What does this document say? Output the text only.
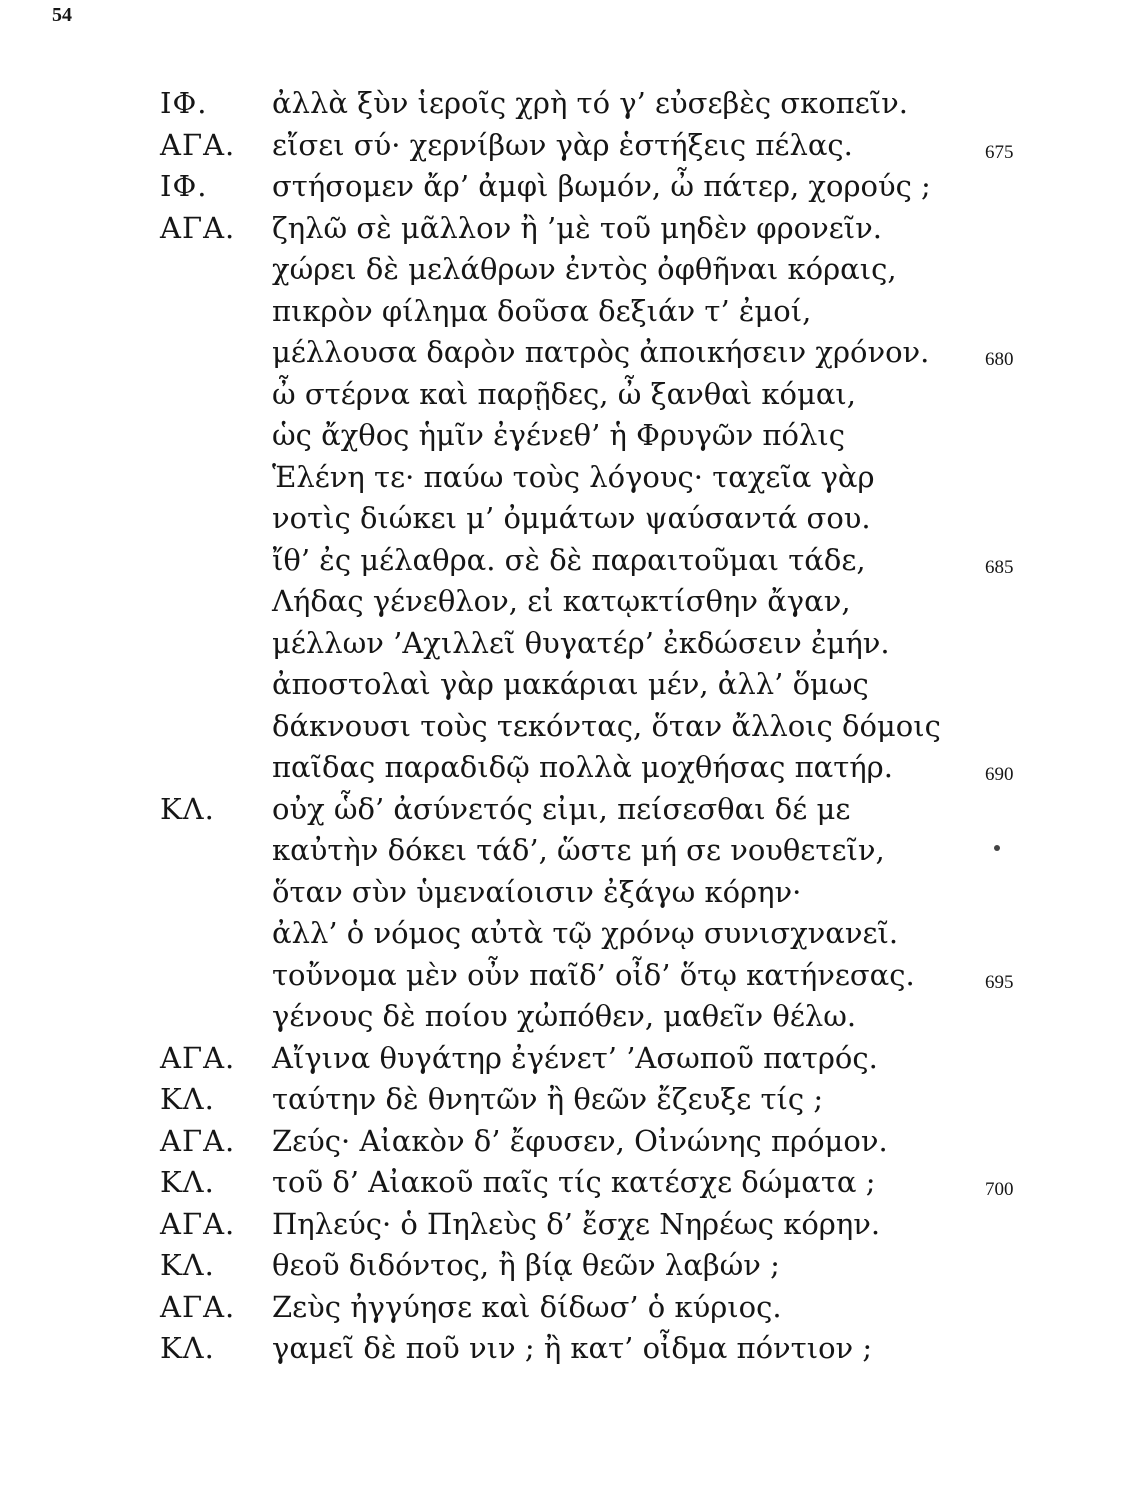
54
ΙΦ. ἀλλὰ ξὺν ἱεροῖς χρὴ τό γ’ εὐσεβὲς σκοπεῖν.
ΑΓΑ. εἴσει σύ· χερνίβων γὰρ ἑστήξεις πέλας.	675
ΙΦ. στήσομεν ἄρ’ ἀμφὶ βωμόν, ὦ πάτερ, χορούς ;
ΑΓΑ. ζηλῶ σὲ μᾶλλον ἢ ’μὲ τοῦ μηδὲν φρονεῖν.
χώρει δὲ μελάθρων ἐντὸς ὀφθῆναι κόραις,
πικρὸν φίλημα δοῦσα δεξιάν τ’ ἐμοί,
μέλλουσα δαρὸν πατρὸς ἀποικήσειν χρόνον.	680
ὦ στέρνα καὶ παρῇδες, ὦ ξανθαὶ κόμαι,
ὡς ἄχθος ἡμῖν ἐγένεθ’ ἡ Φρυγῶν πόλις
Ἑλένη τε· παύω τοὺς λόγους· ταχεῖα γὰρ
νοτὶς διώκει μ’ ὀμμάτων ψαύσαντά σου.
ἴθ’ ἐς μέλαθρα. σὲ δὲ παραιτοῦμαι τάδε,	685
Λήδας γένεθλον, εἰ κατῳκτίσθην ἄγαν,
μέλλων ’Αχιλλεῖ θυγατέρ’ ἐκδώσειν ἐμήν.
ἀποστολαὶ γὰρ μακάριαι μέν, ἀλλ’ ὅμως
δάκνουσι τοὺς τεκόντας, ὅταν ἄλλοις δόμοις
παῖδας παραδιδῷ πολλὰ μοχθήσας πατήρ.	690
ΚΛ. οὐχ ὧδ’ ἀσύνετός εἰμι, πείσεσθαι δέ με
καὐτὴν δόκει τάδ’, ὥστε μή σε νουθετεῖν,
ὅταν σὺν ὑμεναίοισιν ἐξάγω κόρην·
ἀλλ’ ὁ νόμος αὐτὰ τῷ χρόνῳ συνισχνανεῖ.
τοὔνομα μὲν οὖν παῖδ’ οἶδ’ ὅτῳ κατήνεσας.	695
γένους δὲ ποίου χὠπόθεν, μαθεῖν θέλω.
ΑΓΑ. Αἴγινα θυγάτηρ ἐγένετ’ ’Ασωποῦ πατρός.
ΚΛ. ταύτην δὲ θνητῶν ἢ θεῶν ἔζευξε τίς ;
ΑΓΑ. Ζεύς· Αἰακὸν δ’ ἔφυσεν, Οἰνώνης πρόμον.
ΚΛ. τοῦ δ’ Αἰακοῦ παῖς τίς κατέσχε δώματα ;	700
ΑΓΑ. Πηλεύς· ὁ Πηλεὺς δ’ ἔσχε Νηρέως κόρην.
ΚΛ. θεοῦ διδόντος, ἢ βίᾳ θεῶν λαβών ;
ΑΓΑ. Ζεὺς ἠγγύησε καὶ δίδωσ’ ὁ κύριος.
ΚΛ. γαμεῖ δὲ ποῦ νιν ; ἢ κατ’ οἶδμα πόντιον ;
